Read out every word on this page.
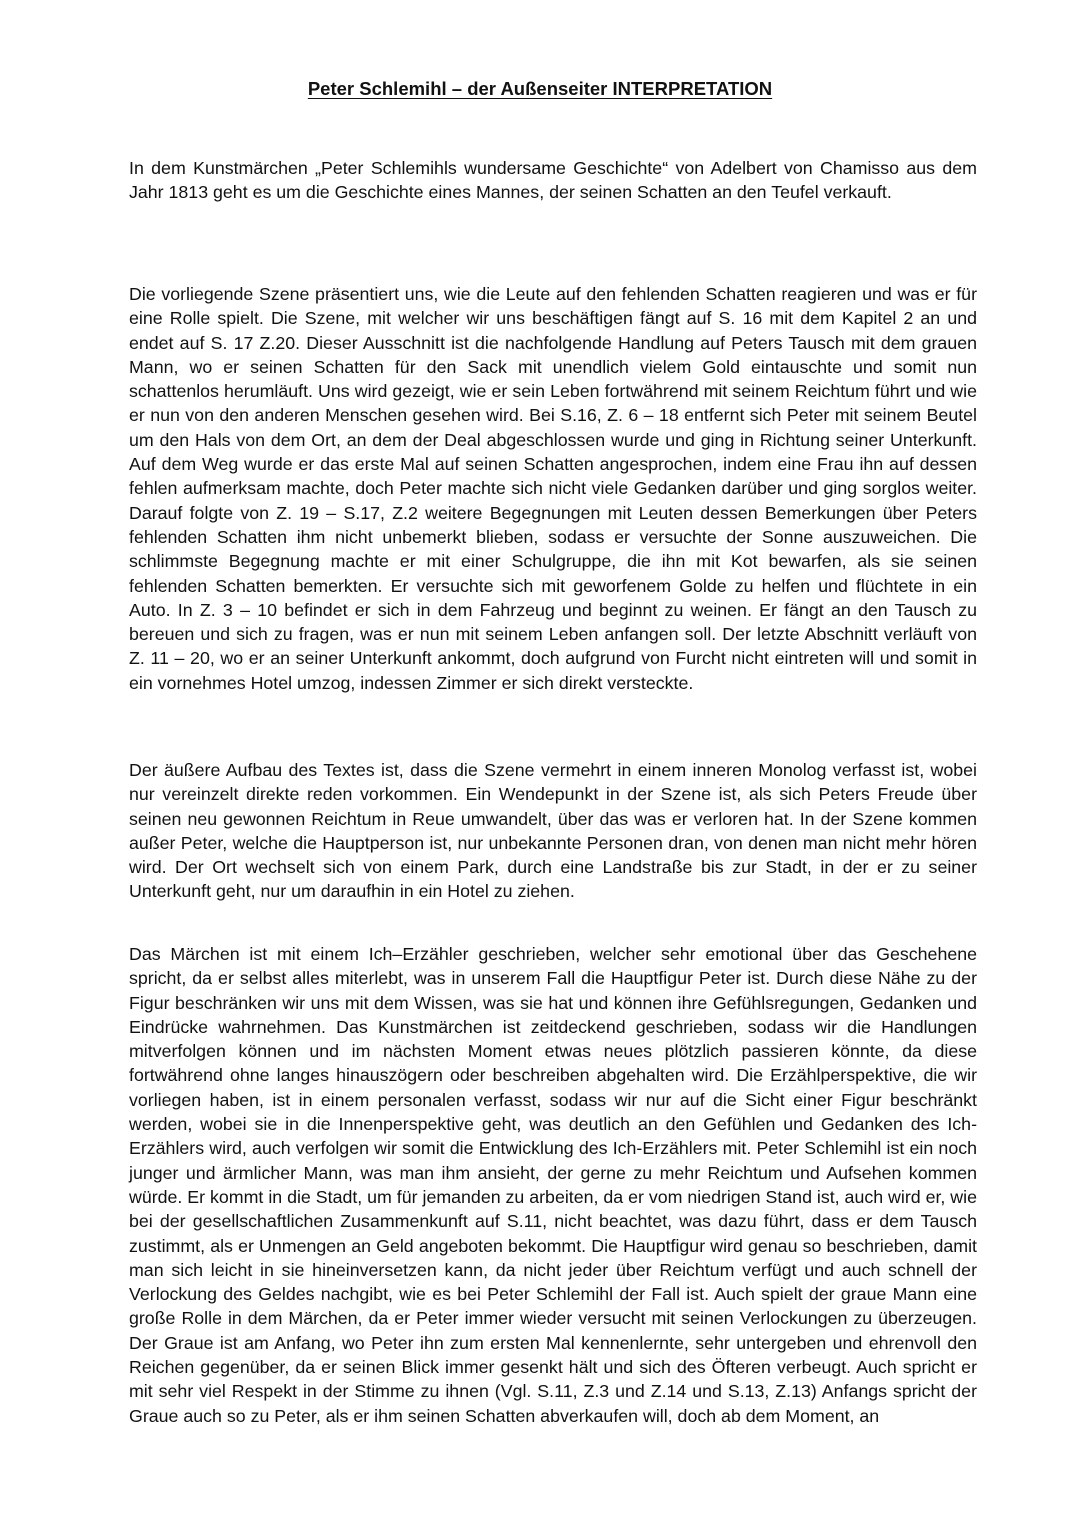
Peter Schlemihl – der Außenseiter INTERPRETATION

In dem Kunstmärchen „Peter Schlemihls wundersame Geschichte“ von Adelbert von Chamisso aus dem Jahr 1813 geht es um die Geschichte eines Mannes, der seinen Schatten an den Teufel verkauft.

Die vorliegende Szene präsentiert uns, wie die Leute auf den fehlenden Schatten reagieren und was er für eine Rolle spielt. Die Szene, mit welcher wir uns beschäftigen fängt auf S. 16 mit dem Kapitel 2 an und endet auf S. 17 Z.20. Dieser Ausschnitt ist die nachfolgende Handlung auf Peters Tausch mit dem grauen Mann, wo er seinen Schatten für den Sack mit unendlich vielem Gold eintauschte und somit nun schattenlos herumläuft. Uns wird gezeigt, wie er sein Leben fortwährend mit seinem Reichtum führt und wie er nun von den anderen Menschen gesehen wird. Bei S.16, Z. 6 – 18 entfernt sich Peter mit seinem Beutel um den Hals von dem Ort, an dem der Deal abgeschlossen wurde und ging in Richtung seiner Unterkunft. Auf dem Weg wurde er das erste Mal auf seinen Schatten angesprochen, indem eine Frau ihn auf dessen fehlen aufmerksam machte, doch Peter machte sich nicht viele Gedanken darüber und ging sorglos weiter. Darauf folgte von Z. 19 – S.17, Z.2 weitere Begegnungen mit Leuten dessen Bemerkungen über Peters fehlenden Schatten ihm nicht unbemerkt blieben, sodass er versuchte der Sonne auszuweichen. Die schlimmste Begegnung machte er mit einer Schulgruppe, die ihn mit Kot bewarfen, als sie seinen fehlenden Schatten bemerkten. Er versuchte sich mit geworfenem Golde zu helfen und flüchtete in ein Auto. In Z. 3 – 10 befindet er sich in dem Fahrzeug und beginnt zu weinen. Er fängt an den Tausch zu bereuen und sich zu fragen, was er nun mit seinem Leben anfangen soll. Der letzte Abschnitt verläuft von Z. 11 – 20, wo er an seiner Unterkunft ankommt, doch aufgrund von Furcht nicht eintreten will und somit in ein vornehmes Hotel umzog, indessen Zimmer er sich direkt versteckte.

Der äußere Aufbau des Textes ist, dass die Szene vermehrt in einem inneren Monolog verfasst ist, wobei nur vereinzelt direkte reden vorkommen. Ein Wendepunkt in der Szene ist, als sich Peters Freude über seinen neu gewonnen Reichtum in Reue umwandelt, über das was er verloren hat. In der Szene kommen außer Peter, welche die Hauptperson ist, nur unbekannte Personen dran, von denen man nicht mehr hören wird. Der Ort wechselt sich von einem Park, durch eine Landstraße bis zur Stadt, in der er zu seiner Unterkunft geht, nur um daraufhin in ein Hotel zu ziehen.

Das Märchen ist mit einem Ich–Erzähler geschrieben, welcher sehr emotional über das Geschehene spricht, da er selbst alles miterlebt, was in unserem Fall die Hauptfigur Peter ist. Durch diese Nähe zu der Figur beschränken wir uns mit dem Wissen, was sie hat und können ihre Gefühlsregungen, Gedanken und Eindrücke wahrnehmen. Das Kunstmärchen ist zeitdeckend geschrieben, sodass wir die Handlungen mitverfolgen können und im nächsten Moment etwas neues plötzlich passieren könnte, da diese fortwährend ohne langes hinauszögern oder beschreiben abgehalten wird. Die Erzählperspektive, die wir vorliegen haben, ist in einem personalen verfasst, sodass wir nur auf die Sicht einer Figur beschränkt werden, wobei sie in die Innenperspektive geht, was deutlich an den Gefühlen und Gedanken des Ich-Erzählers wird, auch verfolgen wir somit die Entwicklung des Ich-Erzählers mit. Peter Schlemihl ist ein noch junger und ärmlicher Mann, was man ihm ansieht, der gerne zu mehr Reichtum und Aufsehen kommen würde. Er kommt in die Stadt, um für jemanden zu arbeiten, da er vom niedrigen Stand ist, auch wird er, wie bei der gesellschaftlichen Zusammenkunft auf S.11, nicht beachtet, was dazu führt, dass er dem Tausch zustimmt, als er Unmengen an Geld angeboten bekommt. Die Hauptfigur wird genau so beschrieben, damit man sich leicht in sie hineinversetzen kann, da nicht jeder über Reichtum verfügt und auch schnell der Verlockung des Geldes nachgibt, wie es bei Peter Schlemihl der Fall ist. Auch spielt der graue Mann eine große Rolle in dem Märchen, da er Peter immer wieder versucht mit seinen Verlockungen zu überzeugen. Der Graue ist am Anfang, wo Peter ihn zum ersten Mal kennenlernte, sehr untergeben und ehrenvoll den Reichen gegenüber, da er seinen Blick immer gesenkt hält und sich des Öfteren verbeugt. Auch spricht er mit sehr viel Respekt in der Stimme zu ihnen (Vgl. S.11, Z.3 und Z.14 und S.13, Z.13) Anfangs spricht der Graue auch so zu Peter, als er ihm seinen Schatten abverkaufen will, doch ab dem Moment, an
